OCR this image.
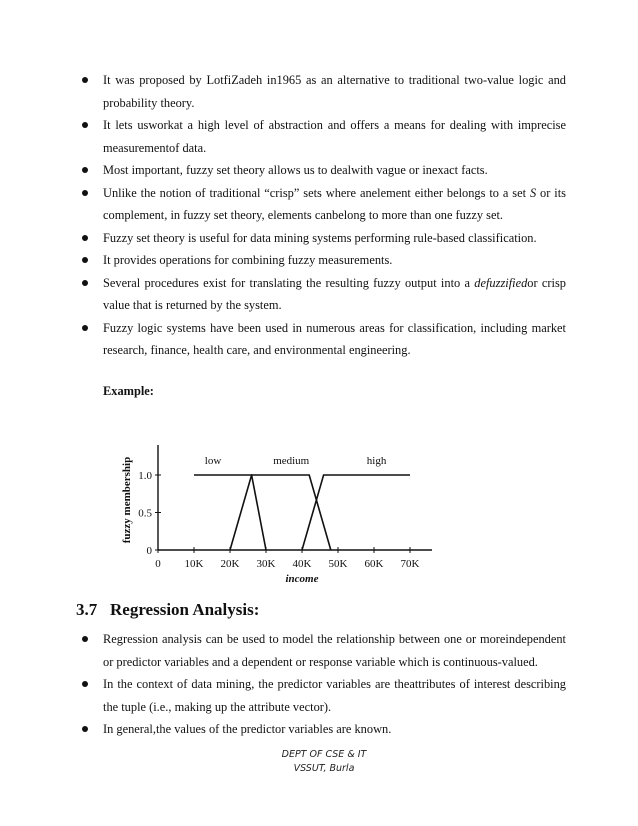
It was proposed by LotfiZadeh in1965 as an alternative to traditional two-value logic and probability theory.
It lets usworkat a high level of abstraction and offers a means for dealing with imprecise measurementof data.
Most important, fuzzy set theory allows us to dealwith vague or inexact facts.
Unlike the notion of traditional “crisp” sets where anelement either belongs to a set S or its complement, in fuzzy set theory, elements canbelong to more than one fuzzy set.
Fuzzy set theory is useful for data mining systems performing rule-based classification.
It provides operations for combining fuzzy measurements.
Several procedures exist for translating the resulting fuzzy output into a defuzzifiedor crisp value that is returned by the system.
Fuzzy logic systems have been used in numerous areas for classification, including market research, finance, health care, and environmental engineering.
Example:
0 10K 20K 30K 40K 50K 60K 70K
0
0.5
1.0
low	medium	high
income
fuzzy membership
3.7 Regression Analysis:
Regression analysis can be used to model the relationship between one or moreindependent or predictor variables and a dependent or response variable which is continuous-valued.
In the context of data mining, the predictor variables are theattributes of interest describing the tuple (i.e., making up the attribute vector).
In general,the values of the predictor variables are known.
DEPT OF CSE & IT
VSSUT, Burla
